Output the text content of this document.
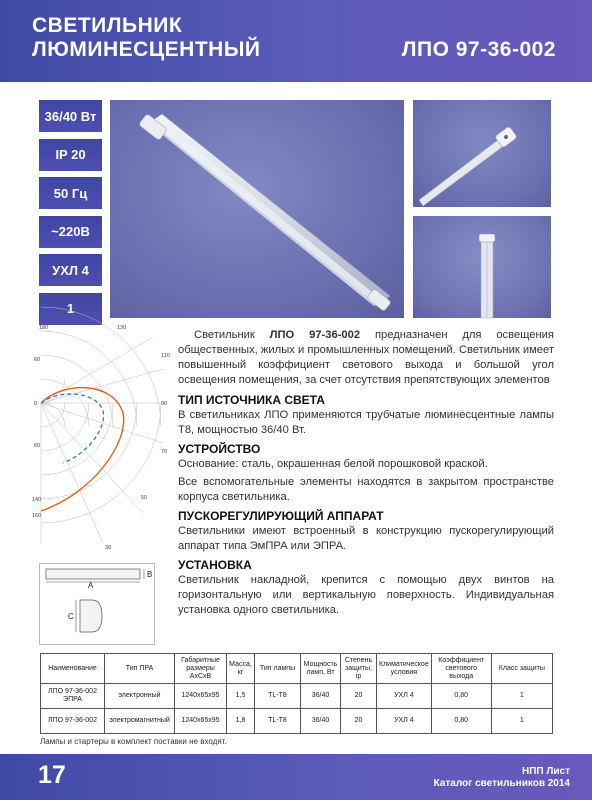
СВЕТИЛЬНИК
ЛЮМИНЕСЦЕНТНЫЙ	ЛПО 97-36-002
36/40 Вт
IP 20
50 Гц
~220В
УХЛ 4
1
180	130
60
0
60
140
160
110
90
70
50
30
A
B
C

Светильник ЛПО 97-36-002 предназначен для освещения общественных, жилых и промышленных помещений. Светильник имеет повышенный коэффициент светового выхода и большой угол освещения помещения, за счет отсутствия препятствующих элементов

ТИП ИСТОЧНИКА СВЕТА

В светильниках ЛПО применяются трубчатые люминесцентные лампы Т8, мощностью 36/40 Вт.

УСТРОЙСТВО

Основание: сталь, окрашенная белой порошковой краской.

Все вспомогательные элементы находятся в закрытом пространстве корпуса светильника.

ПУСКОРЕГУЛИРУЮЩИЙ АППАРАТ

Светильники имеют встроенный в конструкцию пускорегулирующий аппарат типа ЭмПРА или ЭПРА.

УСТАНОВКА

Светильник накладной, крепится с помощью двух винтов на горизонтальную или вертикальную поверхность. Индивидуальная установка одного светильника.

Наименование	Тип ПРА	Габаритные размеры АхСхВ	Масса, кг	Тип лампы	Мощность ламп, Вт	Степень защиты, ip	Климатическое условия	Коэффициент светового выхода	Класс защиты
ЛПО 97-36-002 ЭПРА	электронный	1240х65х95	1,5	TL-T8	36/40	20	УХЛ 4	0,80	1
ЛПО 97-36-002	электромагнитный	1240х65х95	1,8	TL-T8	36/40	20	УХЛ 4	0,80	1
Лампы и стартеры в комплект поставки не входят.
17	НПП Лист
Каталог светильников 2014
